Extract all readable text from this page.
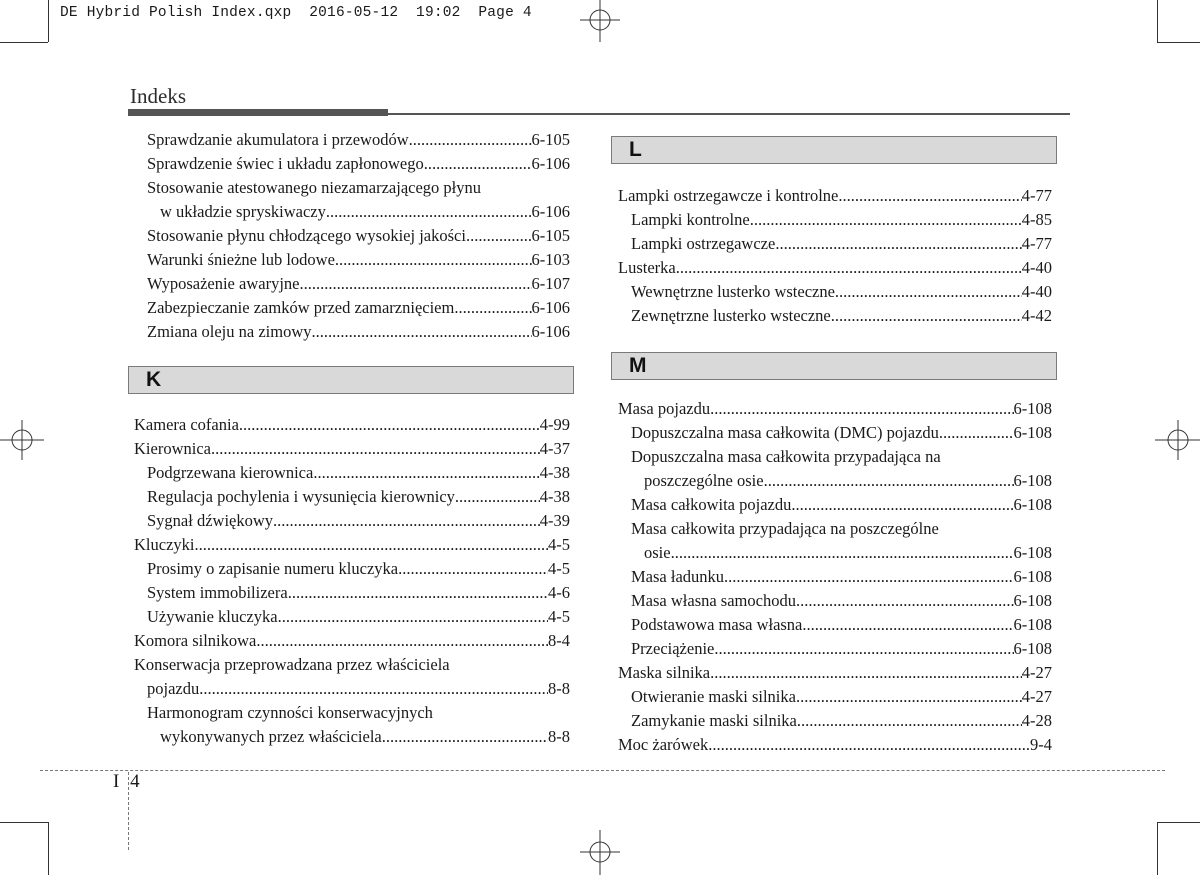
DE Hybrid Polish Index.qxp  2016-05-12  19:02  Page 4
Indeks
Sprawdzanie akumulatora i przewodów .....	6-105
Sprawdzenie świec i układu zapłonowego .....	6-106
Stosowanie atestowanego niezamarzającego płynu
w układzie spryskiwaczy .....	6-106
Stosowanie płynu chłodzącego wysokiej jakości .....	6-105
Warunki śnieżne lub lodowe .....	6-103
Wyposażenie awaryjne .....	6-107
Zabezpieczanie zamków przed zamarznięciem .....	6-106
Zmiana oleju na zimowy .....	6-106
K
Kamera cofania .....	4-99
Kierownica .....	4-37
Podgrzewana kierownica .....	4-38
Regulacja pochylenia i wysunięcia kierownicy .....	4-38
Sygnał dźwiękowy .....	4-39
Kluczyki .....	4-5
Prosimy o zapisanie numeru kluczyka .....	4-5
System immobilizera .....	4-6
Używanie kluczyka .....	4-5
Komora silnikowa .....	8-4
Konserwacja przeprowadzana przez właściciela
pojazdu .....	8-8
Harmonogram czynności konserwacyjnych
wykonywanych przez właściciela .....	8-8
L
Lampki ostrzegawcze i kontrolne .....	4-77
Lampki kontrolne .....	4-85
Lampki ostrzegawcze .....	4-77
Lusterka .....	4-40
Wewnętrzne lusterko wsteczne .....	4-40
Zewnętrzne lusterko wsteczne .....	4-42
M
Masa pojazdu .....	6-108
Dopuszczalna masa całkowita (DMC) pojazdu .....	6-108
Dopuszczalna masa całkowita przypadająca na
poszczególne osie .....	6-108
Masa całkowita pojazdu .....	6-108
Masa całkowita przypadająca na poszczególne
osie .....	6-108
Masa ładunku .....	6-108
Masa własna samochodu .....	6-108
Podstawowa masa własna .....	6-108
Przeciążenie .....	6-108
Maska silnika .....	4-27
Otwieranie maski silnika .....	4-27
Zamykanie maski silnika .....	4-28
Moc żarówek .....	9-4
I 4
